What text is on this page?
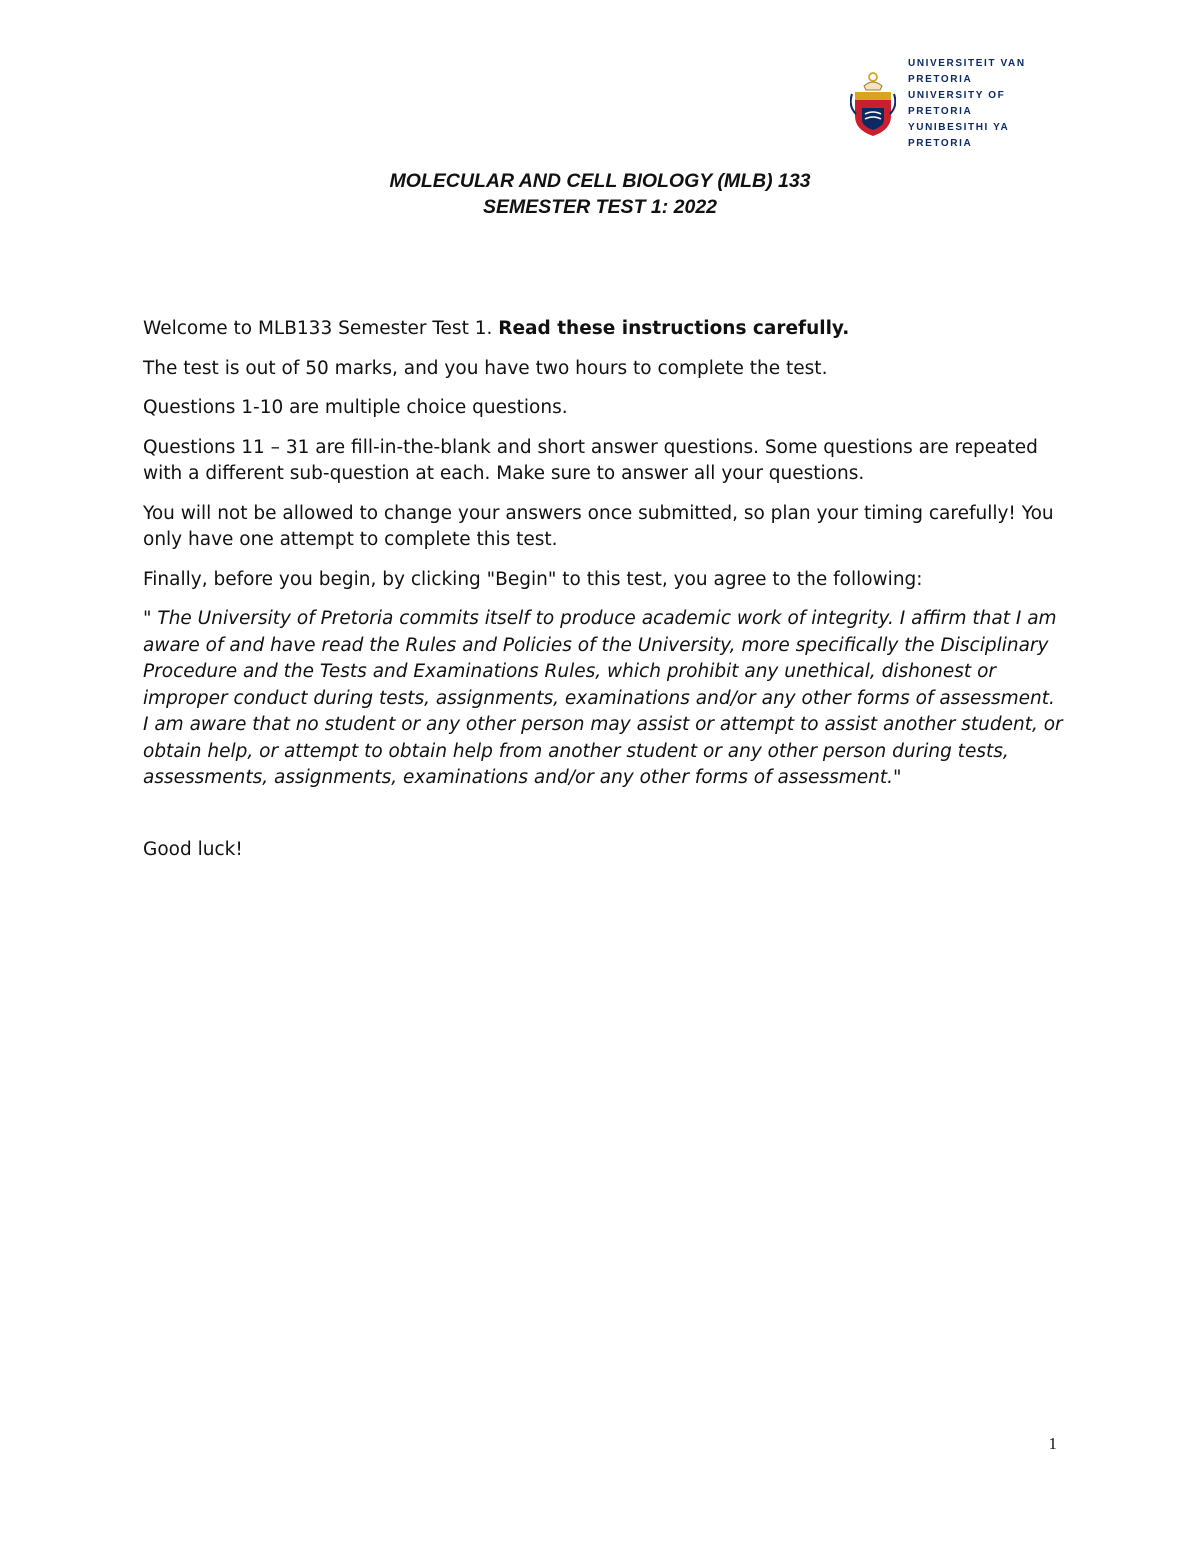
UNIVERSITEIT VAN PRETORIA
UNIVERSITY OF PRETORIA
YUNIBESITHI YA PRETORIA
MOLECULAR AND CELL BIOLOGY (MLB) 133
SEMESTER TEST 1: 2022

Welcome to MLB133 Semester Test 1. Read these instructions carefully.

The test is out of 50 marks, and you have two hours to complete the test.

Questions 1-10 are multiple choice questions.

Questions 11 – 31 are fill-in-the-blank and short answer questions. Some questions are repeated with a different sub-question at each. Make sure to answer all your questions.

You will not be allowed to change your answers once submitted, so plan your timing carefully! You only have one attempt to complete this test.

Finally, before you begin, by clicking "Begin" to this test, you agree to the following:

" The University of Pretoria commits itself to produce academic work of integrity. I affirm that I am aware of and have read the Rules and Policies of the University, more specifically the Disciplinary Procedure and the Tests and Examinations Rules, which prohibit any unethical, dishonest or improper conduct during tests, assignments, examinations and/or any other forms of assessment. I am aware that no student or any other person may assist or attempt to assist another student, or obtain help, or attempt to obtain help from another student or any other person during tests, assessments, assignments, examinations and/or any other forms of assessment."

Good luck!

1
